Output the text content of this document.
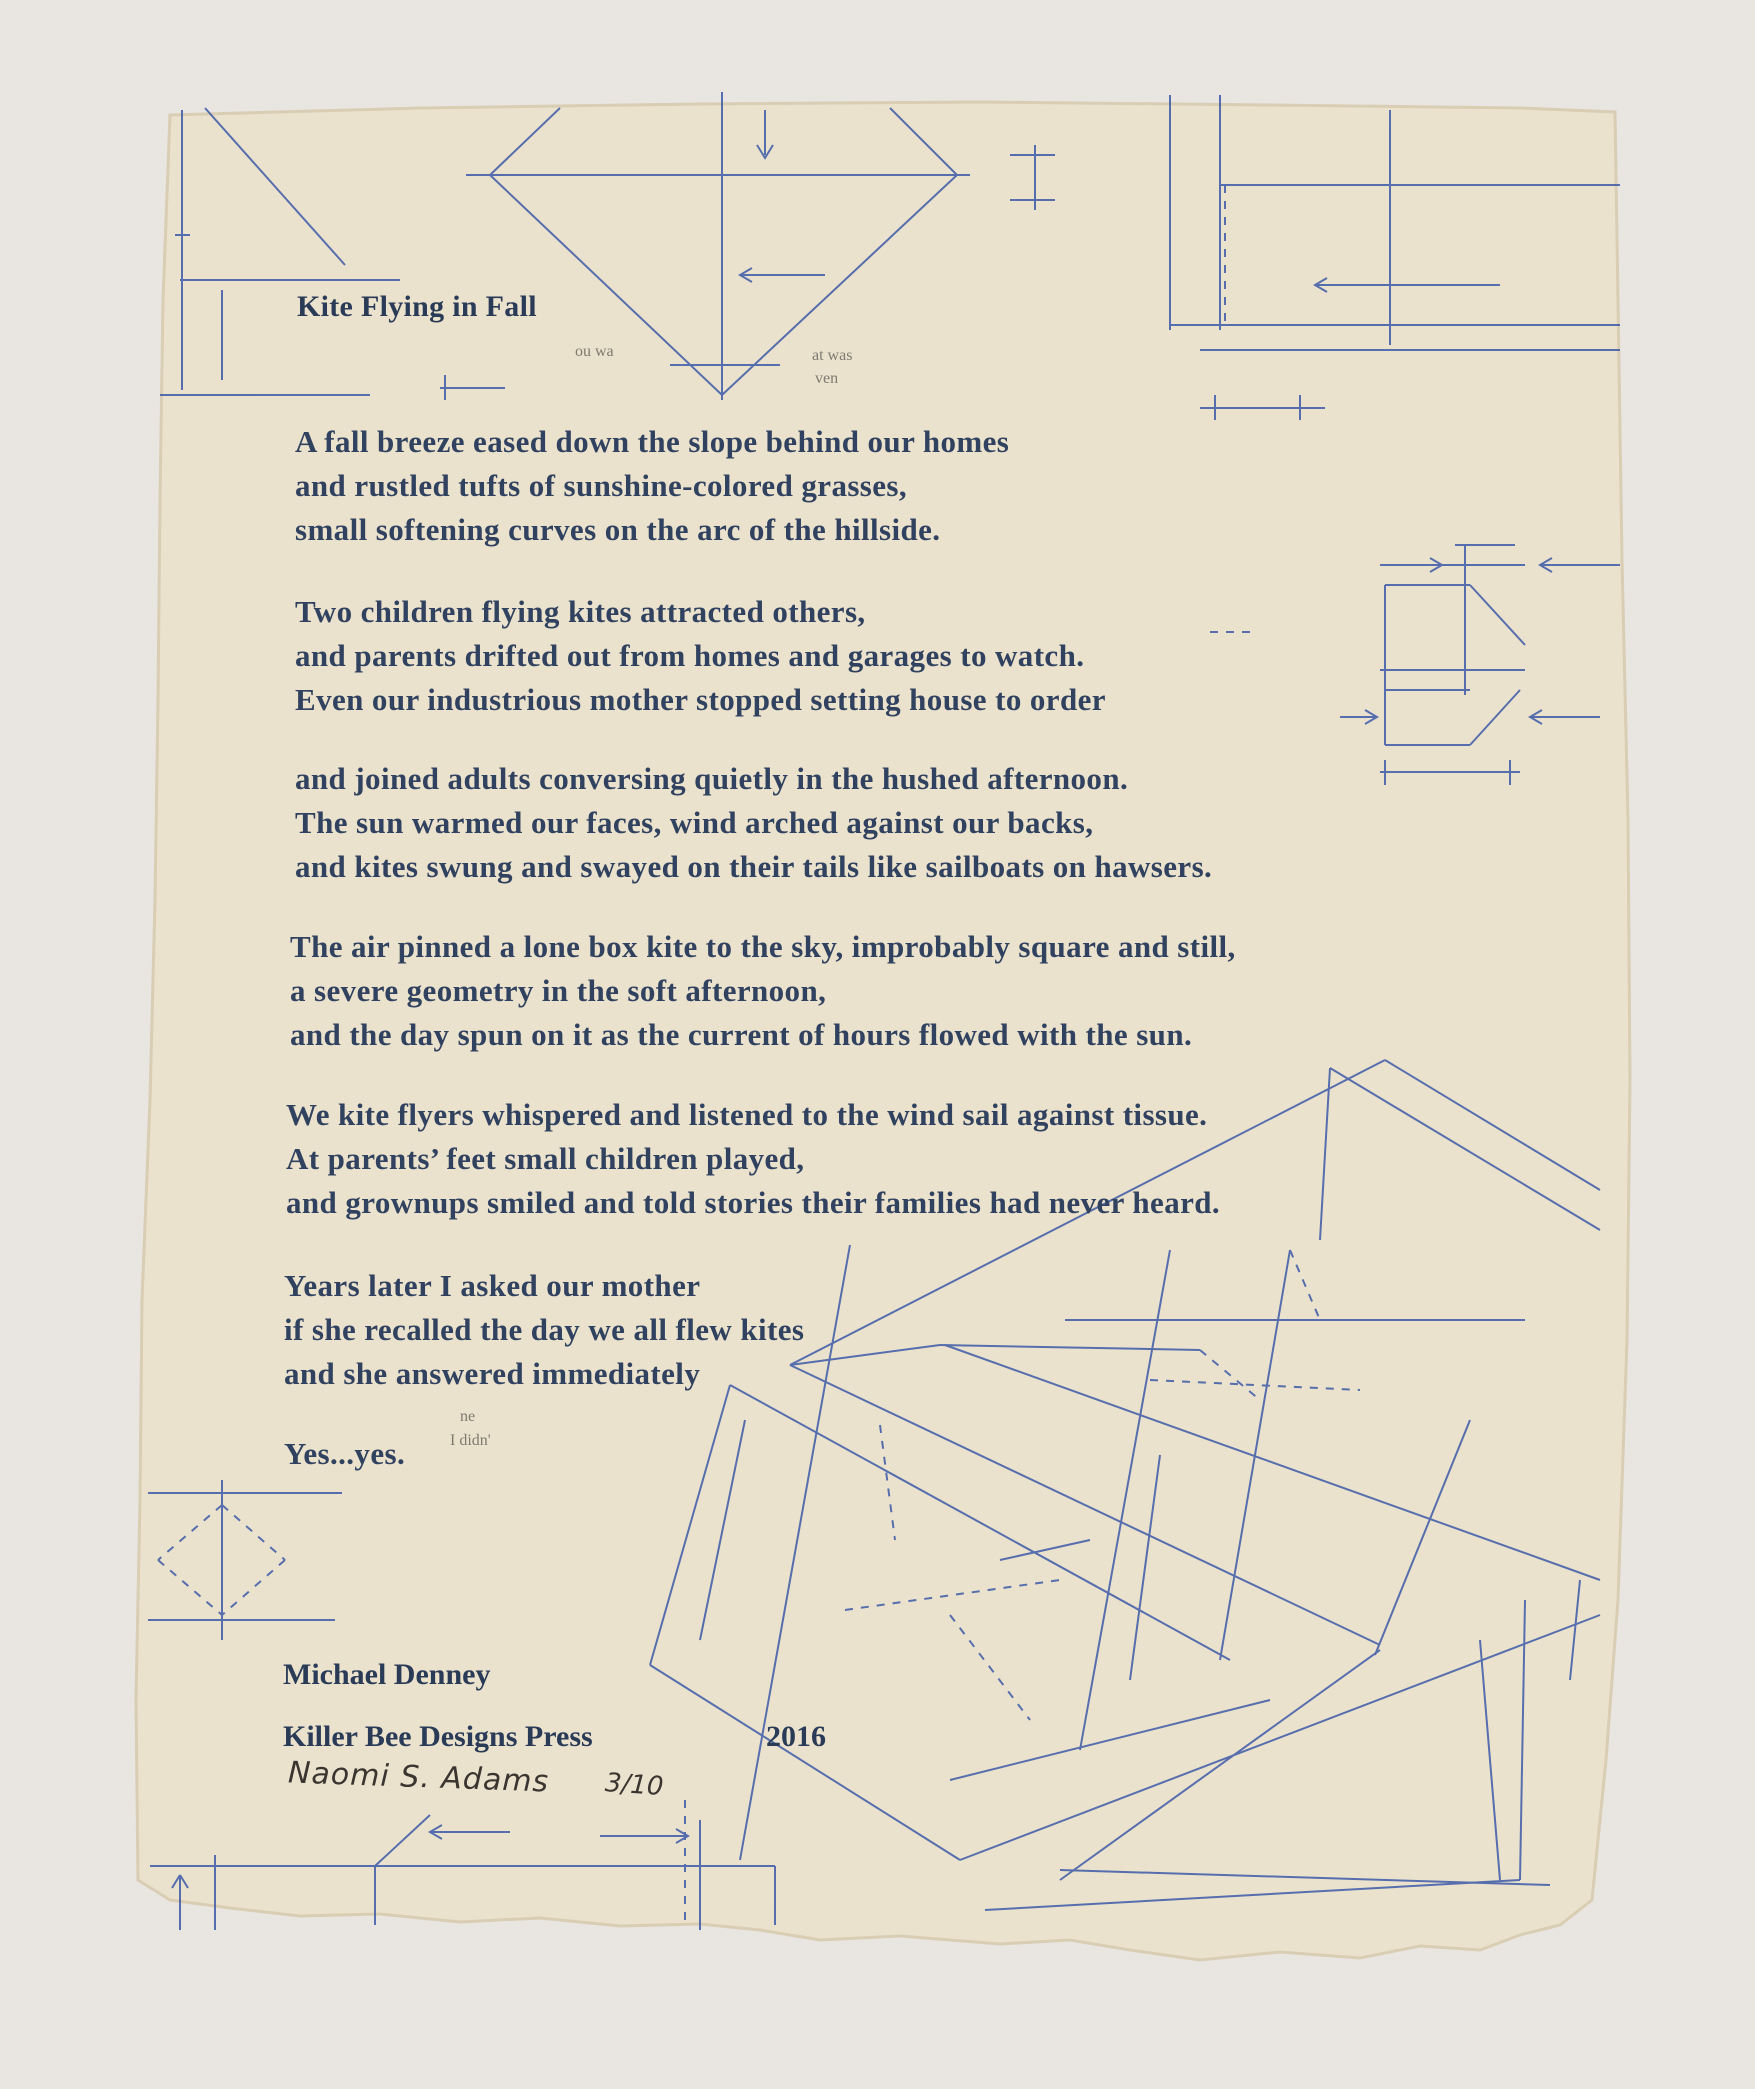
Kite Flying in Fall
ou wa	at was
ven
ne
I didn'
A fall breeze eased down the slope behind our homes
and rustled tufts of sunshine-colored grasses,
small softening curves on the arc of the hillside.
Two children flying kites attracted others,
and parents drifted out from homes and garages to watch.
Even our industrious mother stopped setting house to order
and joined adults conversing quietly in the hushed afternoon.
The sun warmed our faces, wind arched against our backs,
and kites swung and swayed on their tails like sailboats on hawsers.
The air pinned a lone box kite to the sky, improbably square and still,
a severe geometry in the soft afternoon,
and the day spun on it as the current of hours flowed with the sun.
We kite flyers whispered and listened to the wind sail against tissue.
At parents’ feet small children played,
and grownups smiled and told stories their families had never heard.
Years later I asked our mother
if she recalled the day we all flew kites
and she answered immediately
Yes...yes.
Michael Denney
Killer Bee Designs Press	2016
Naomi S. Adams 3/10
